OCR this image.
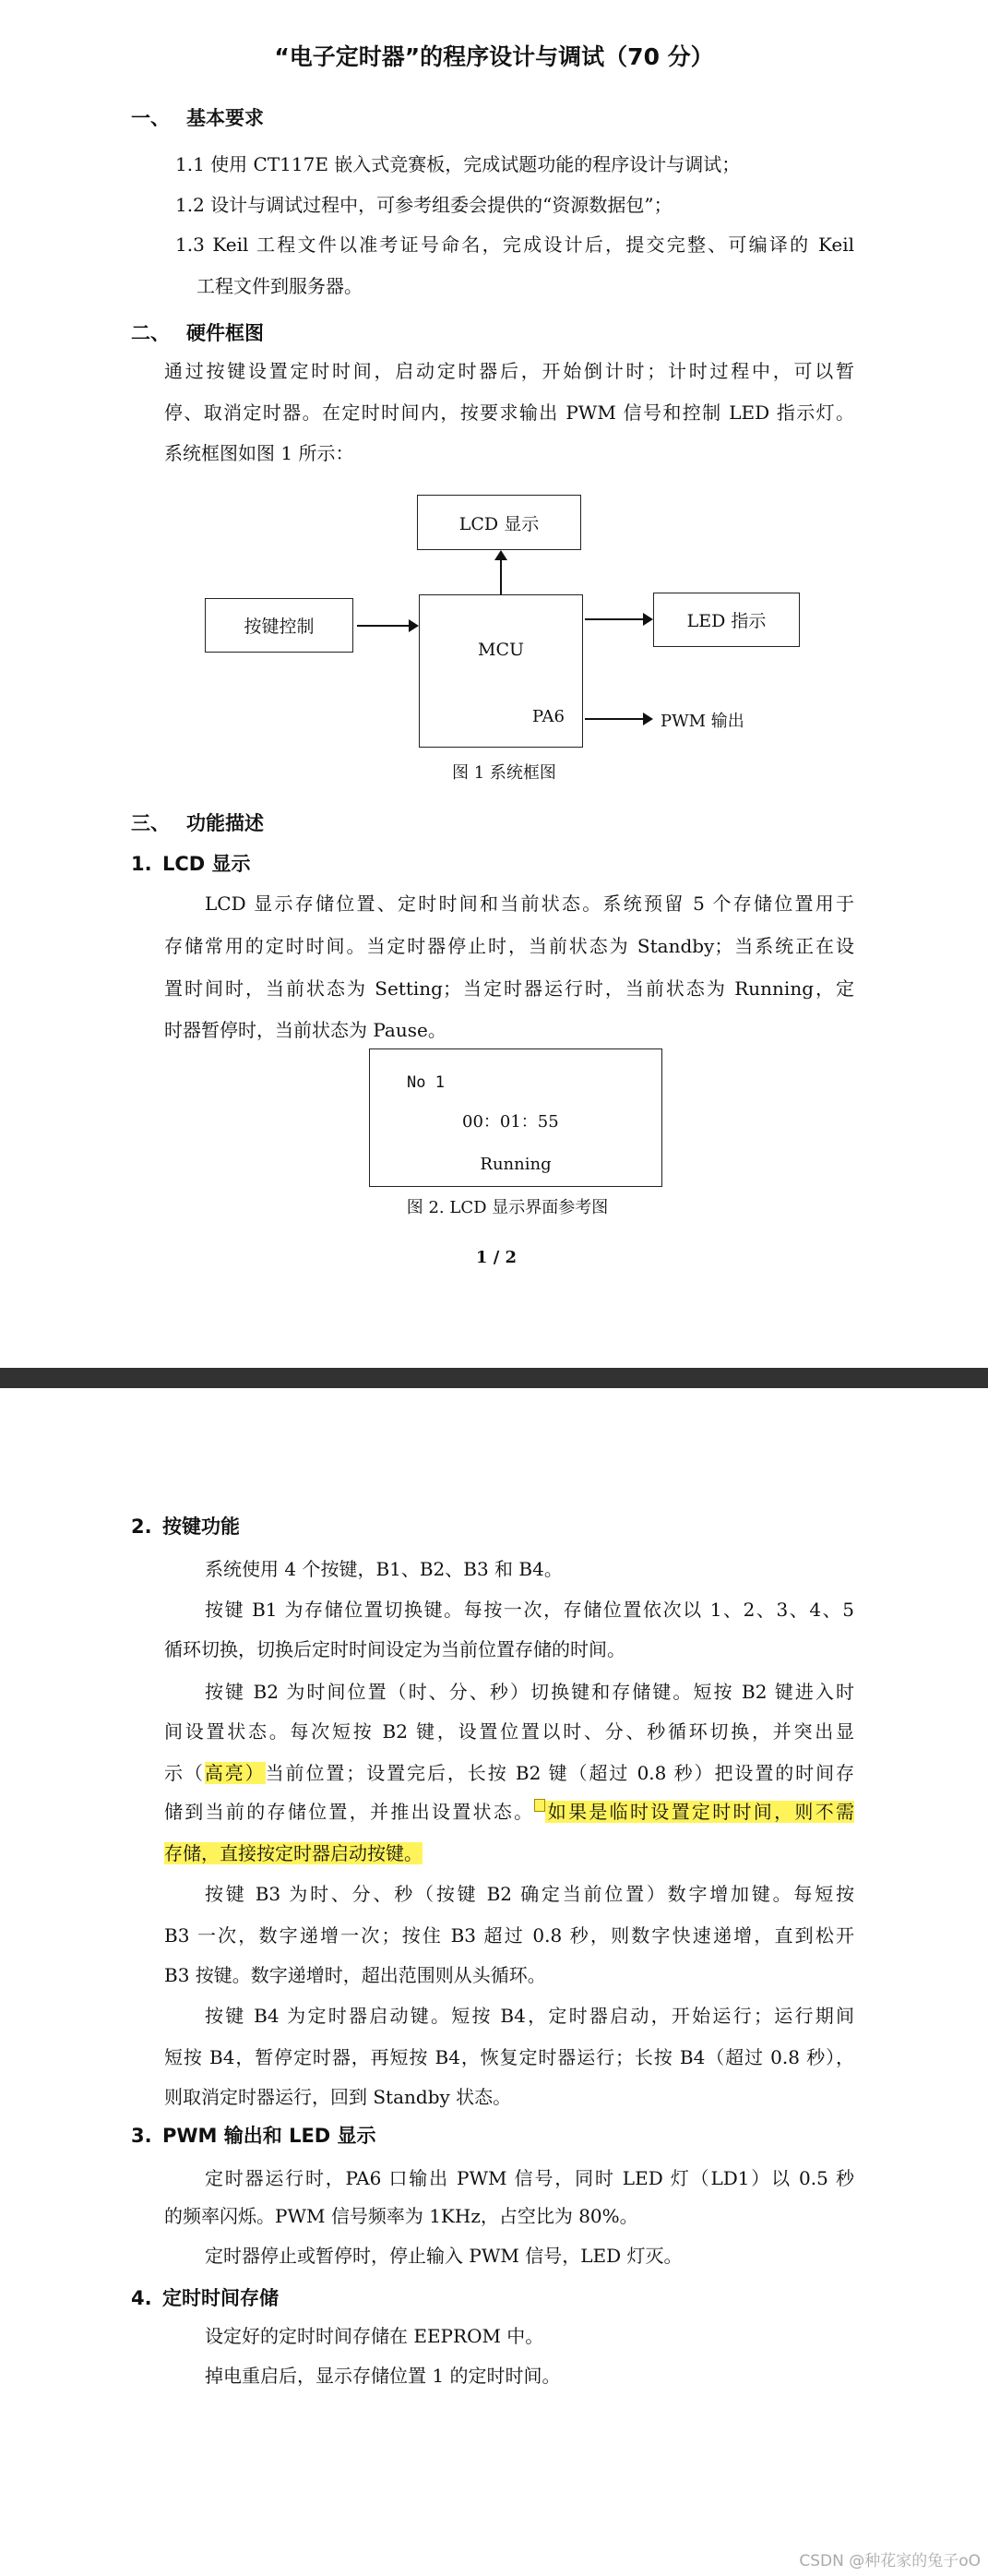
“电子定时器”的程序设计与调试（70 分）
一、 基本要求
1.1 使用 CT117E 嵌入式竞赛板，完成试题功能的程序设计与调试；
1.2 设计与调试过程中，可参考组委会提供的“资源数据包”；
1.3 Keil 工程文件以准考证号命名，完成设计后，提交完整、可编译的 Keil
工程文件到服务器。
二、 硬件框图
通过按键设置定时时间，启动定时器后，开始倒计时；计时过程中，可以暂
停、取消定时器。在定时时间内，按要求输出 PWM 信号和控制 LED 指示灯。
系统框图如图 1 所示：
LCD 显示
MCU
PA6
按键控制	LED 指示
PWM 输出
图 1 系统框图
三、 功能描述
1. LCD 显示
LCD 显示存储位置、定时时间和当前状态。系统预留 5 个存储位置用于
存储常用的定时时间。当定时器停止时，当前状态为 Standby；当系统正在设
置时间时，当前状态为 Setting；当定时器运行时，当前状态为 Running，定
时器暂停时，当前状态为 Pause。
No 1
00：01：55
Running
图 2. LCD 显示界面参考图
1 / 2
2. 按键功能
系统使用 4 个按键，B1、B2、B3 和 B4。
按键 B1 为存储位置切换键。每按一次，存储位置依次以 1、2、3、4、5
循环切换，切换后定时时间设定为当前位置存储的时间。
按键 B2 为时间位置（时、分、秒）切换键和存储键。短按 B2 键进入时
间设置状态。每次短按 B2 键，设置位置以时、分、秒循环切换，并突出显
示（高亮）当前位置；设置完后，长按 B2 键（超过 0.8 秒）把设置的时间存
储到当前的存储位置，并推出设置状态。 如果是临时设置定时时间，则不需
存储，直接按定时器启动按键。
按键 B3 为时、分、秒（按键 B2 确定当前位置）数字增加键。每短按
B3 一次，数字递增一次；按住 B3 超过 0.8 秒，则数字快速递增，直到松开
B3 按键。数字递增时，超出范围则从头循环。
按键 B4 为定时器启动键。短按 B4，定时器启动，开始运行；运行期间
短按 B4，暂停定时器，再短按 B4，恢复定时器运行；长按 B4（超过 0.8 秒），
则取消定时器运行，回到 Standby 状态。
3. PWM 输出和 LED 显示
定时器运行时，PA6 口输出 PWM 信号，同时 LED 灯（LD1）以 0.5 秒
的频率闪烁。PWM 信号频率为 1KHz，占空比为 80%。
定时器停止或暂停时，停止输入 PWM 信号，LED 灯灭。
4. 定时时间存储
设定好的定时时间存储在 EEPROM 中。
掉电重启后，显示存储位置 1 的定时时间。
CSDN @种花家的兔子oO
